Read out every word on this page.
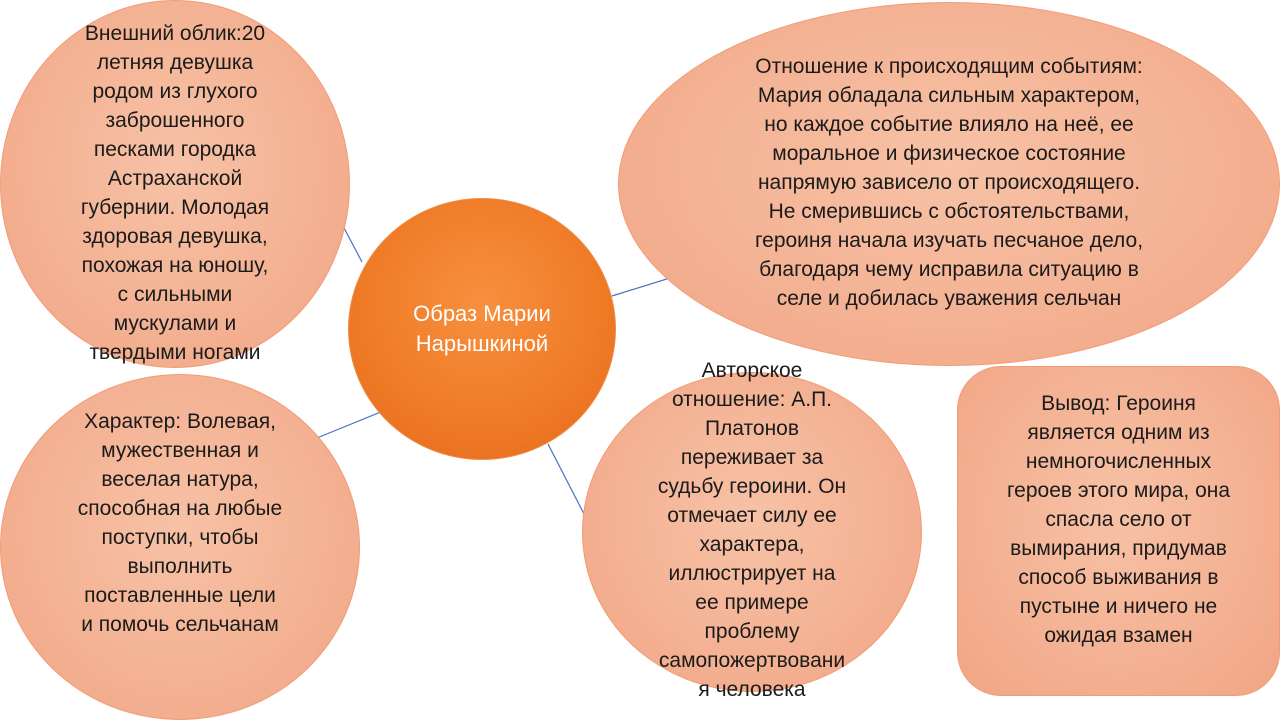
Внешний облик:20
летняя девушка
родом из глухого
заброшенного
песками городка
Астраханской
губернии. Молодая
здоровая девушка,
похожая на юношу,
с сильными
мускулами и
твердыми ногами
Отношение к происходящим событиям:
Мария обладала сильным характером,
но каждое событие влияло на неё, ее
моральное и физическое состояние
напрямую зависело от происходящего.
Не смерившись с обстоятельствами,
героиня начала изучать песчаное дело,
благодаря чему исправила ситуацию в
селе и добилась уважения сельчан
Характер: Волевая,
мужественная и
веселая натура,
способная на любые
поступки, чтобы
выполнить
поставленные цели
и помочь сельчанам
Авторское
отношение: А.П.
Платонов
переживает за
судьбу героини. Он
отмечает силу ее
характера,
иллюстрирует на
ее примере
проблему
самопожертвовани
я человека
Вывод: Героиня
является одним из
немногочисленных
героев этого мира, она
спасла село от
вымирания, придумав
способ выживания в
пустыне и ничего не
ожидая взамен
Образ Марии
Нарышкиной
